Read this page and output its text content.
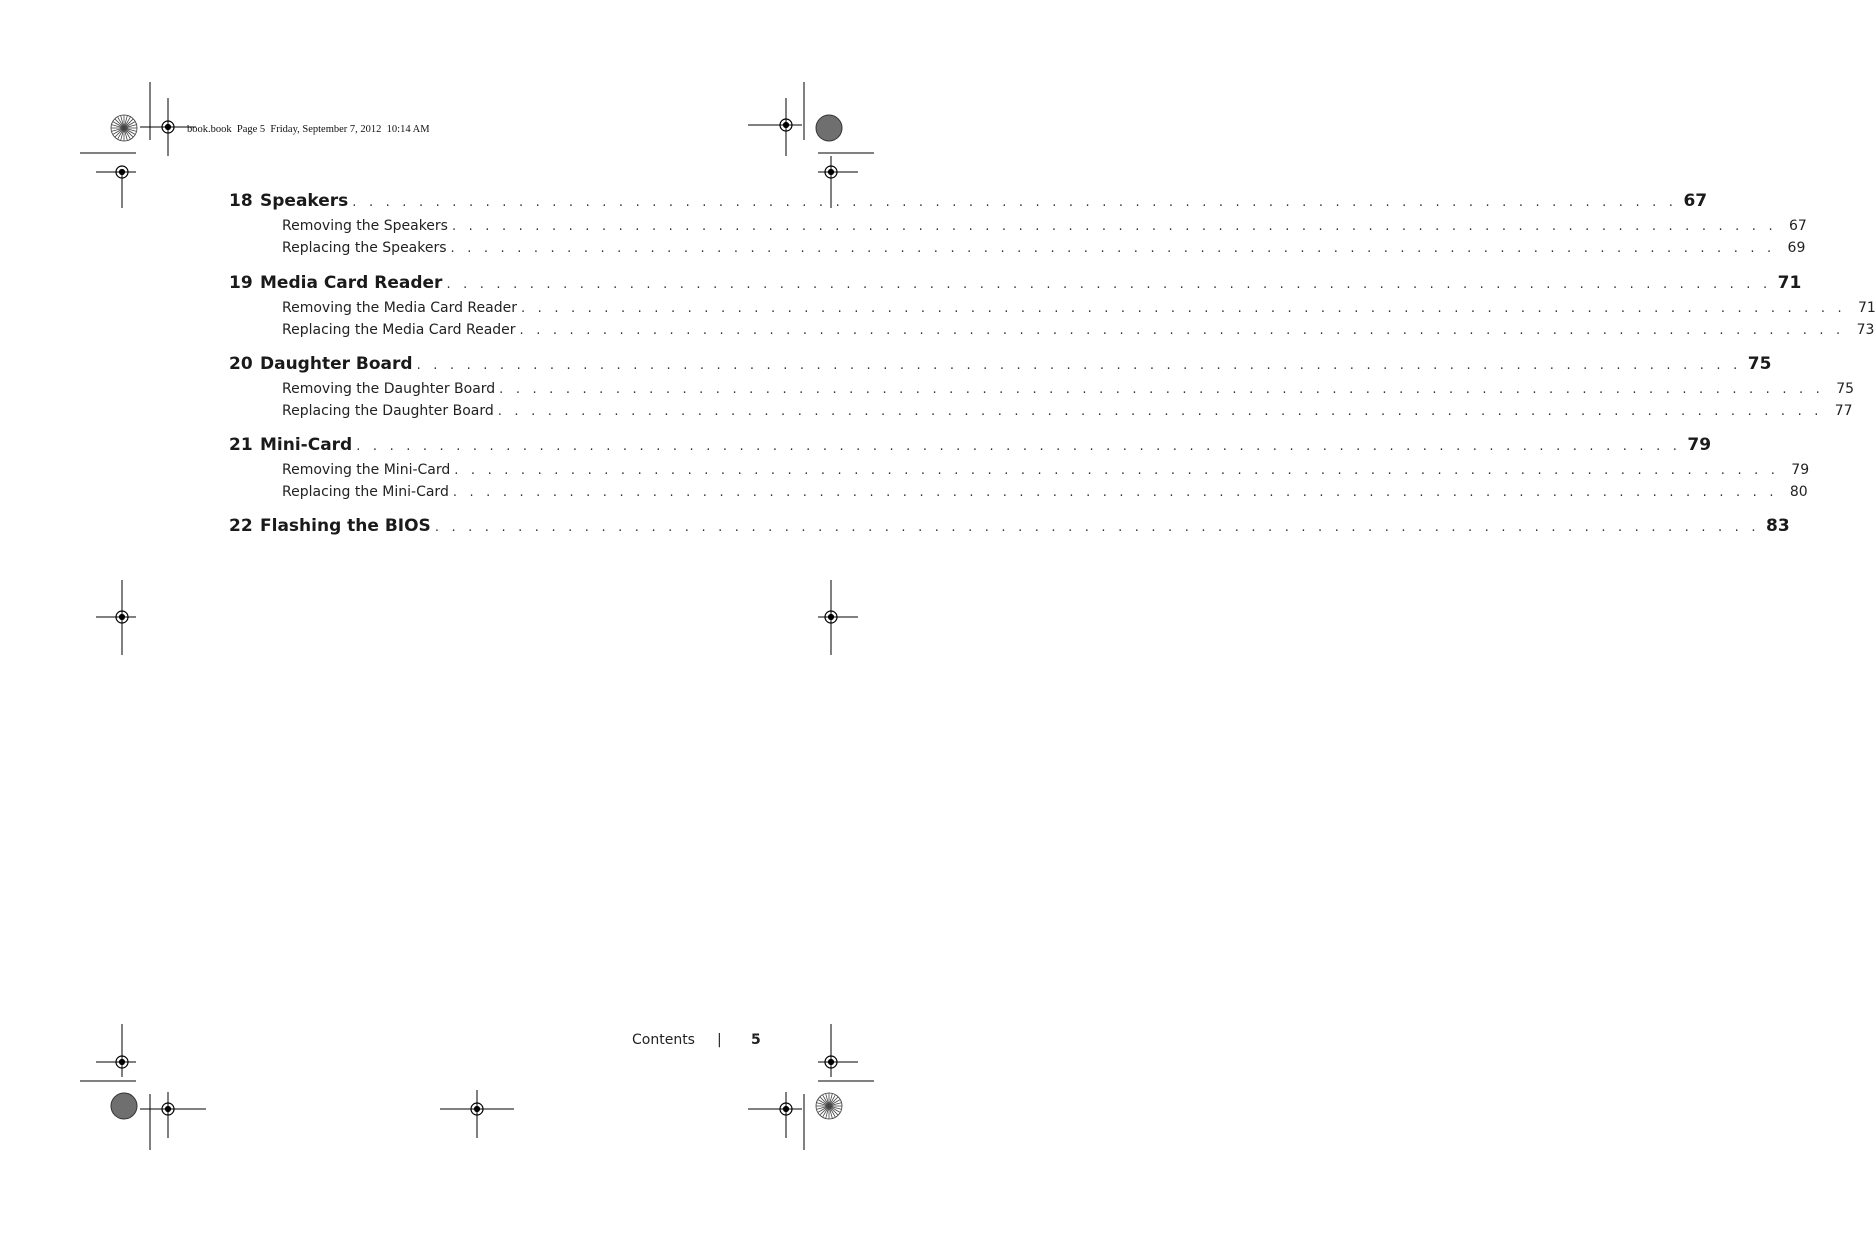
book.book  Page 5  Friday, September 7, 2012  10:14 AM
18 Speakers . . . . . . . . . . . . . . . . . . . . . . . . . . . . . . . . . . . . . . . . . . . . . . . . . . . . . . . . . . . . . . . . . . . . . . . . . . . . . . . . 67
Removing the Speakers . . . . . . . . . . . . . . . . . . . . . . . . . . . . . . . . . . . . . . . . . . . . . . . . . . . . . . . . . . . . . . . . . . . . . . . . . . . . . . . . 67
Replacing the Speakers . . . . . . . . . . . . . . . . . . . . . . . . . . . . . . . . . . . . . . . . . . . . . . . . . . . . . . . . . . . . . . . . . . . . . . . . . . . . . . . . 69
19 Media Card Reader . . . . . . . . . . . . . . . . . . . . . . . . . . . . . . . . . . . . . . . . . . . . . . . . . . . . . . . . . . . . . . . . . . . . . . . . . . . . . . . . 71
Removing the Media Card Reader . . . . . . . . . . . . . . . . . . . . . . . . . . . . . . . . . . . . . . . . . . . . . . . . . . . . . . . . . . . . . . . . . . . . . . . . . . . . . . . . 71
Replacing the Media Card Reader . . . . . . . . . . . . . . . . . . . . . . . . . . . . . . . . . . . . . . . . . . . . . . . . . . . . . . . . . . . . . . . . . . . . . . . . . . . . . . . . 73
20 Daughter Board . . . . . . . . . . . . . . . . . . . . . . . . . . . . . . . . . . . . . . . . . . . . . . . . . . . . . . . . . . . . . . . . . . . . . . . . . . . . . . . . 75
Removing the Daughter Board . . . . . . . . . . . . . . . . . . . . . . . . . . . . . . . . . . . . . . . . . . . . . . . . . . . . . . . . . . . . . . . . . . . . . . . . . . . . . . . . 75
Replacing the Daughter Board . . . . . . . . . . . . . . . . . . . . . . . . . . . . . . . . . . . . . . . . . . . . . . . . . . . . . . . . . . . . . . . . . . . . . . . . . . . . . . . . 77
21 Mini-Card . . . . . . . . . . . . . . . . . . . . . . . . . . . . . . . . . . . . . . . . . . . . . . . . . . . . . . . . . . . . . . . . . . . . . . . . . . . . . . . . 79
Removing the Mini-Card . . . . . . . . . . . . . . . . . . . . . . . . . . . . . . . . . . . . . . . . . . . . . . . . . . . . . . . . . . . . . . . . . . . . . . . . . . . . . . . . 79
Replacing the Mini-Card . . . . . . . . . . . . . . . . . . . . . . . . . . . . . . . . . . . . . . . . . . . . . . . . . . . . . . . . . . . . . . . . . . . . . . . . . . . . . . . . 80
22 Flashing the BIOS . . . . . . . . . . . . . . . . . . . . . . . . . . . . . . . . . . . . . . . . . . . . . . . . . . . . . . . . . . . . . . . . . . . . . . . . . . . . . . . . 83
Contents | 5
